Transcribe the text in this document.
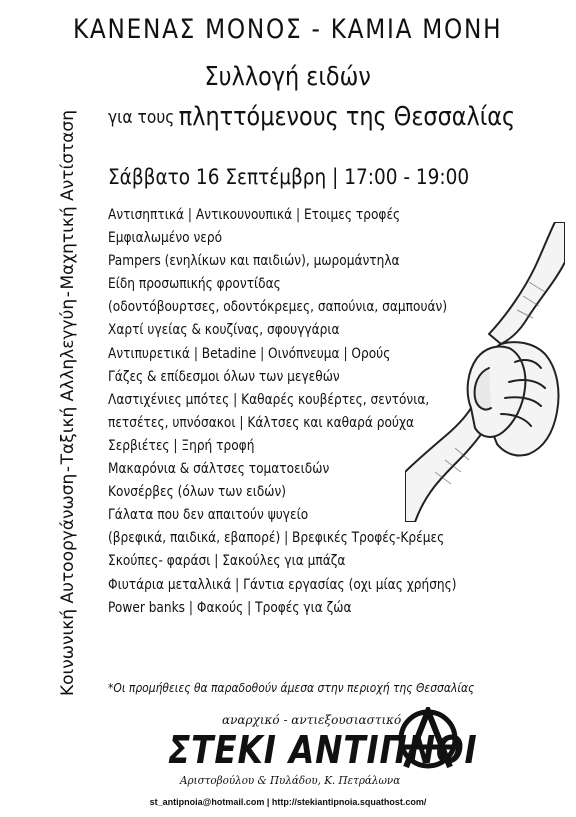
ΚΑΝΕΝΑΣ ΜΟΝΟΣ - ΚΑΜΙΑ ΜΟΝΗ
Συλλογή ειδών
για τους πληττόμενους της Θεσσαλίας
Κοινωνική Αυτοοργάνωση
-
Ταξική Αλληλεγγύη
-
Μαχητική Αντίσταση Σάββατο 16 Σεπτέμβρη | 17:00 - 19:00
Αντισηπτικά | Αντικουνουπικά | Ετοιμες τροφές
Εμφιαλωμένο νερό
Pampers (ενηλίκων και παιδιών), μωρομάντηλα
Είδη προσωπικής φροντίδας
(οδοντόβουρτσες, οδοντόκρεμες, σαπούνια, σαμπουάν)
Χαρτί υγείας & κουζίνας, σφουγγάρια
Αντιπυρετικά | Betadine | Οινόπνευμα | Ορούς
Γάζες & επίδεσμοι όλων των μεγεθών
Λαστιχένιες μπότες | Καθαρές κουβέρτες, σεντόνια,
πετσέτες, υπνόσακοι | Κάλτσες και καθαρά ρούχα
Σερβιέτες | Ξηρή τροφή
Μακαρόνια & σάλτσες τοματοειδών
Κονσέρβες (όλων των ειδών)
Γάλατα που δεν απαιτούν ψυγείο
(βρεφικά, παιδικά, εβαπορέ) | Βρεφικές Τροφές-Κρέμες
Σκούπες- φαράσι | Σακούλες για μπάζα
Φιυτάρια μεταλλικά | Γάντια εργασίας (οχι μίας χρήσης)
Power banks | Φακούς | Τροφές για ζώα
*Οι προμήθειες θα παραδοθούν άμεσα στην περιοχή της Θεσσαλίας
αναρχικό - αντιεξουσιαστικό
ΣΤΕΚΙ ΑΝΤΙΠΝΟΙ
Αριστοβούλου & Πυλάδου, Κ. Πετράλωνα
st_antipnoia@hotmail.com | http://stekiantipnoia.squathost.com/
